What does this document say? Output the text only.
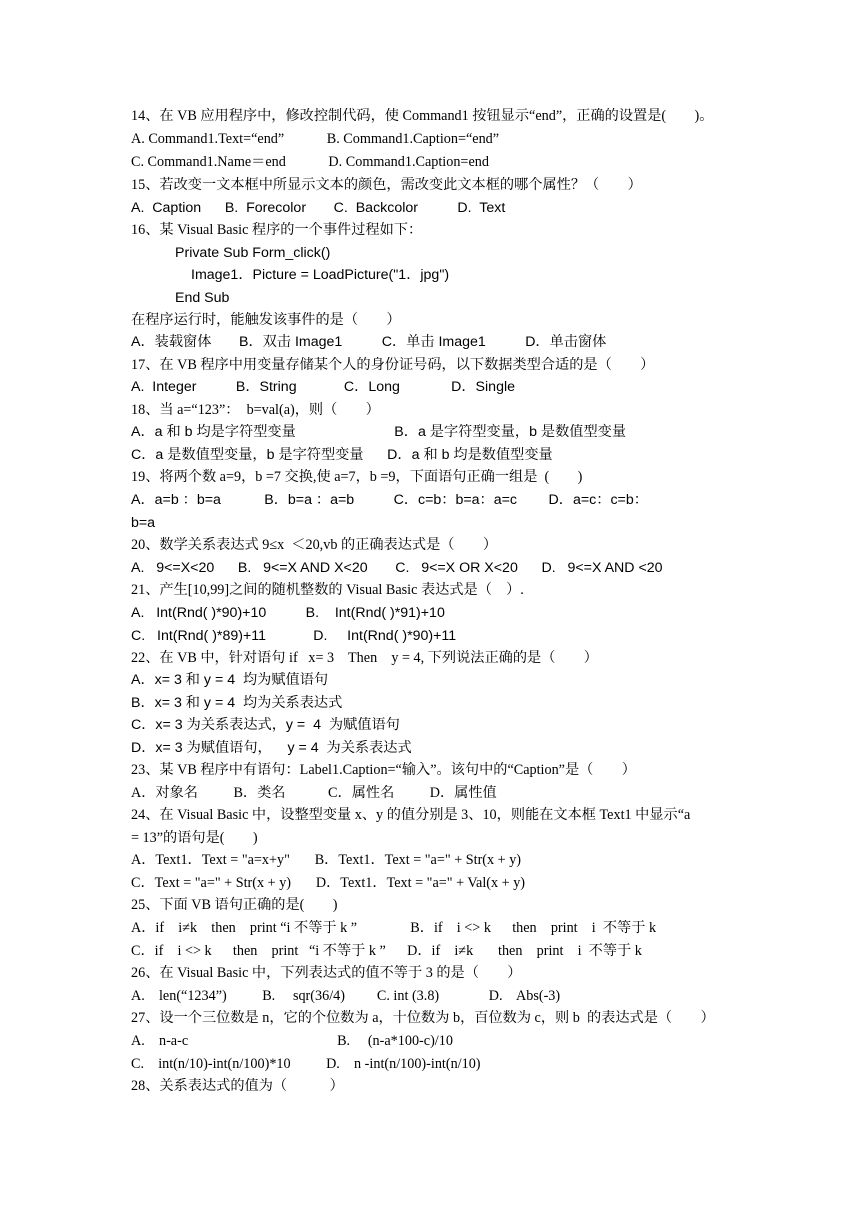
14、在 VB 应用程序中，修改控制代码，使 Command1 按钮显示“end”，正确的设置是(　　)。
A. Command1.Text=“end”　　　B. Command1.Caption=“end”
C. Command1.Name＝end　　　D. Command1.Caption=end
15、若改变一文本框中所显示文本的颜色，需改变此文本框的哪个属性？（　　）
A.  Caption      B.  Forecolor       C.  Backcolor          D.  Text
16、某 Visual Basic 程序的一个事件过程如下：
Private Sub Form_click()
Image1．Picture = LoadPicture("1．jpg")
End Sub
在程序运行时，能触发该事件的是（　　）
A．装载窗体       B．双击 Image1          C．单击 Image1          D．单击窗体
17、在 VB 程序中用变量存储某个人的身份证号码，以下数据类型合适的是（　　）
A.  Integer          B．String            C．Long             D．Single
18、当 a=“123”：  b=val(a)，则（　　）
A．a 和 b 均是字符型变量                         B．a 是字符型变量，b 是数值型变量
C．a 是数值型变量，b 是字符型变量      D．a 和 b 均是数值型变量
19、将两个数 a=9，b =7 交换,使 a=7，b =9，下面语句正确一组是  (　　)
A．a=b ：b=a           B．b=a ：a=b          C．c=b：b=a：a=c        D．a=c：c=b：
b=a
20、数学关系表达式 9≤x  ＜20,vb 的正确表达式是（　　）
A.   9<=X<20      B.   9<=X AND X<20       C.   9<=X OR X<20      D.   9<=X AND <20
21、产生[10,99]之间的随机整数的 Visual Basic 表达式是（　）.
A.   Int(Rnd( )*90)+10          B.    Int(Rnd( )*91)+10
C.   Int(Rnd( )*89)+11            D.     Int(Rnd( )*90)+11
22、在 VB 中，针对语句 if   x= 3    Then    y = 4, 下列说法正确的是（　　）
A．x= 3 和 y = 4  均为赋值语句
B．x= 3 和 y = 4  均为关系表达式
C．x= 3 为关系表达式，y =  4  为赋值语句
D．x= 3 为赋值语句，    y = 4  为关系表达式
23、某 VB 程序中有语句：Label1.Caption=“输入”。该句中的“Caption”是（　　）
A．对象名          B．类名            C．属性名          D．属性值
24、在 Visual Basic 中，设整型变量 x、y 的值分别是 3、10，则能在文本框 Text1 中显示“a
= 13”的语句是(　　)
A．Text1．Text = "a=x+y"       B．Text1．Text = "a=" + Str(x + y)
C．Text = "a=" + Str(x + y)       D．Text1．Text = "a=" + Val(x + y)
25、下面 VB 语句正确的是(　　)
A．if    i≠k    then    print “i 不等于 k ”               B．if    i <> k      then    print    i  不等于 k
C．if    i <> k      then    print   “i 不等于 k ”      D．if    i≠k       then    print    i  不等于 k
26、在 Visual Basic 中，下列表达式的值不等于 3 的是（　　）
A.    len(“1234”)          B.     sqr(36/4)         C. int (3.8)              D.    Abs(-3)
27、设一个三位数是 n，它的个位数为 a，十位数为 b，百位数为 c，则 b  的表达式是（　　）
A.    n-a-c                                          B.     (n-a*100-c)/10
C.    int(n/10)-int(n/100)*10          D.    n -int(n/100)-int(n/10)
28、关系表达式的值为（　　　）
